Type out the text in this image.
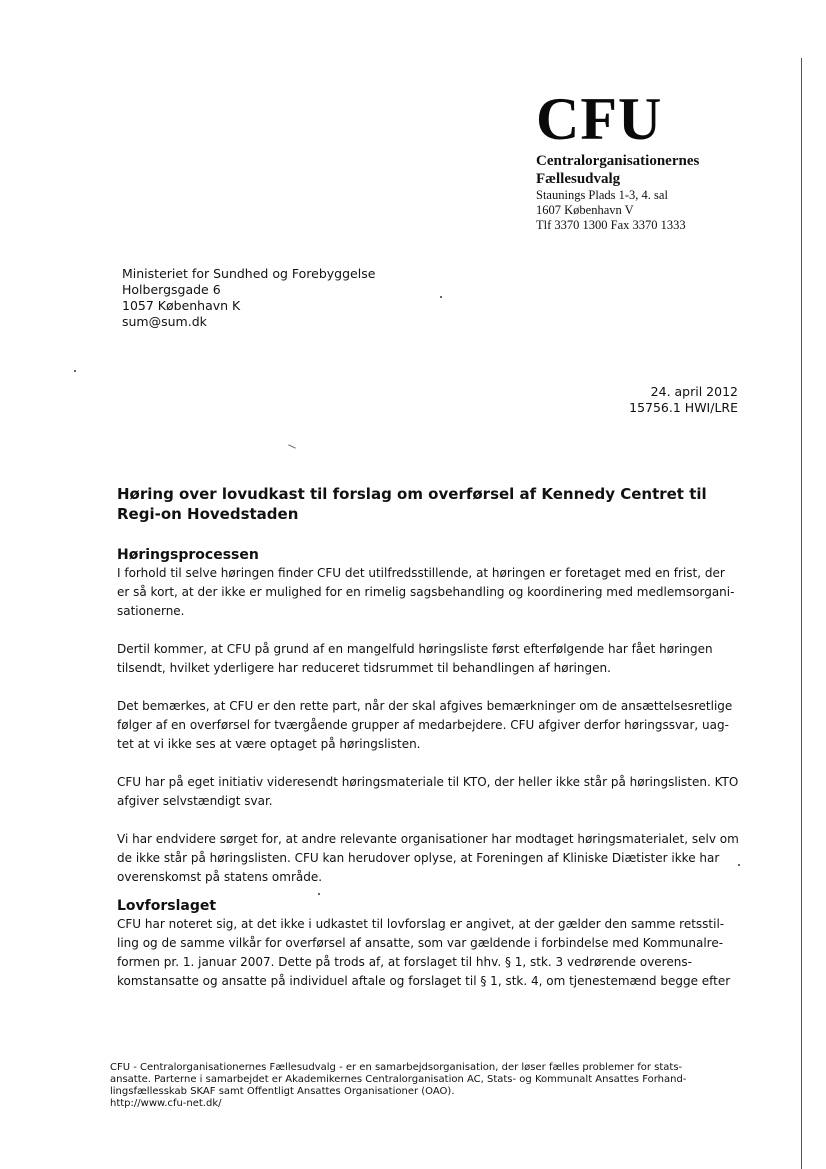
CFU
Centralorganisationernes
Fællesudvalg
Staunings Plads 1-3, 4. sal
1607 København V
Tlf 3370 1300 Fax 3370 1333
Ministeriet for Sundhed og Forebyggelse
Holbergsgade 6
1057 København K
sum@sum.dk
24. april 2012
15756.1 HWI/LRE
Høring over lovudkast til forslag om overførsel af Kennedy Centret til Regi-on Hovedstaden
Høringsprocessen

I forhold til selve høringen finder CFU det utilfredsstillende, at høringen er foretaget med en frist, der er så kort, at der ikke er mulighed for en rimelig sagsbehandling og koordinering med medlemsorgani-sationerne.

Dertil kommer, at CFU på grund af en mangelfuld høringsliste først efterfølgende har fået høringen tilsendt, hvilket yderligere har reduceret tidsrummet til behandlingen af høringen.

Det bemærkes, at CFU er den rette part, når der skal afgives bemærkninger om de ansættelsesretlige følger af en overførsel for tværgående grupper af medarbejdere. CFU afgiver derfor høringssvar, uag-tet at vi ikke ses at være optaget på høringslisten.

CFU har på eget initiativ videresendt høringsmateriale til KTO, der heller ikke står på høringslisten. KTO afgiver selvstændigt svar.

Vi har endvidere sørget for, at andre relevante organisationer har modtaget høringsmaterialet, selv om de ikke står på høringslisten. CFU kan herudover oplyse, at Foreningen af Kliniske Diætister ikke har overenskomst på statens område.

Lovforslaget

CFU har noteret sig, at det ikke i udkastet til lovforslag er angivet, at der gælder den samme retsstil-ling og de samme vilkår for overførsel af ansatte, som var gældende i forbindelse med Kommunalre-formen pr. 1. januar 2007. Dette på trods af, at forslaget til hhv. § 1, stk. 3 vedrørende overens-komstansatte og ansatte på individuel aftale og forslaget til § 1, stk. 4, om tjenestemænd begge efter

CFU - Centralorganisationernes Fællesudvalg - er en samarbejdsorganisation, der løser fælles problemer for stats-
ansatte. Parterne i samarbejdet er Akademikernes Centralorganisation AC, Stats- og Kommunalt Ansattes Forhand-
lingsfællesskab SKAF samt Offentligt Ansattes Organisationer (OAO).
http://www.cfu-net.dk/
